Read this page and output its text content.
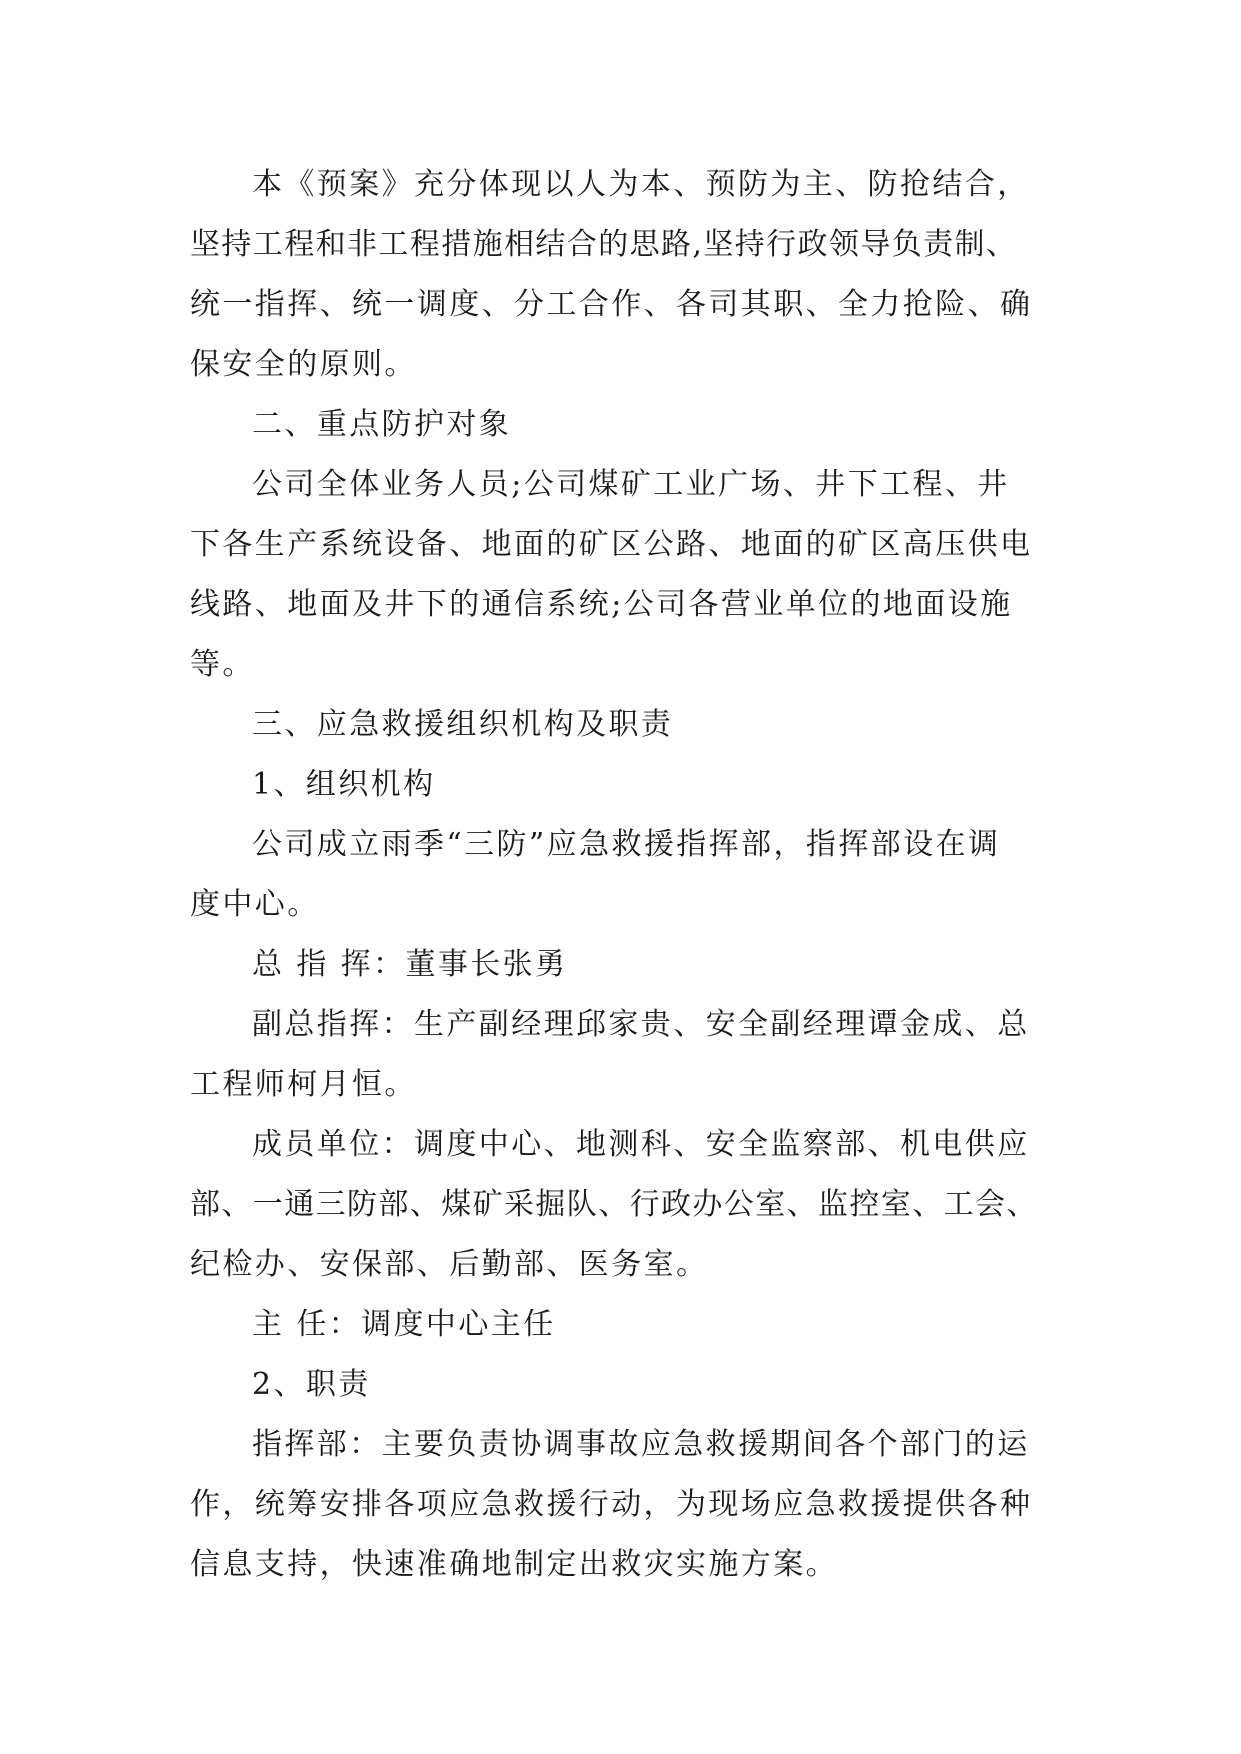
本《预案》充分体现以人为本、预防为主、防抢结合，
坚持工程和非工程措施相结合的思路,坚持行政领导负责制、
统一指挥、统一调度、分工合作、各司其职、全力抢险、确
保安全的原则。
二、重点防护对象
公司全体业务人员;公司煤矿工业广场、井下工程、井
下各生产系统设备、地面的矿区公路、地面的矿区高压供电
线路、地面及井下的通信系统;公司各营业单位的地面设施
等。
三、应急救援组织机构及职责
1、组织机构
公司成立雨季“三防”应急救援指挥部，指挥部设在调
度中心。
总 指 挥：董事长张勇
副总指挥：生产副经理邱家贵、安全副经理谭金成、总
工程师柯月恒。
成员单位：调度中心、地测科、安全监察部、机电供应
部、一通三防部、煤矿采掘队、行政办公室、监控室、工会、
纪检办、安保部、后勤部、医务室。
主 任：调度中心主任
2、职责
指挥部：主要负责协调事故应急救援期间各个部门的运
作，统筹安排各项应急救援行动，为现场应急救援提供各种
信息支持，快速准确地制定出救灾实施方案。
